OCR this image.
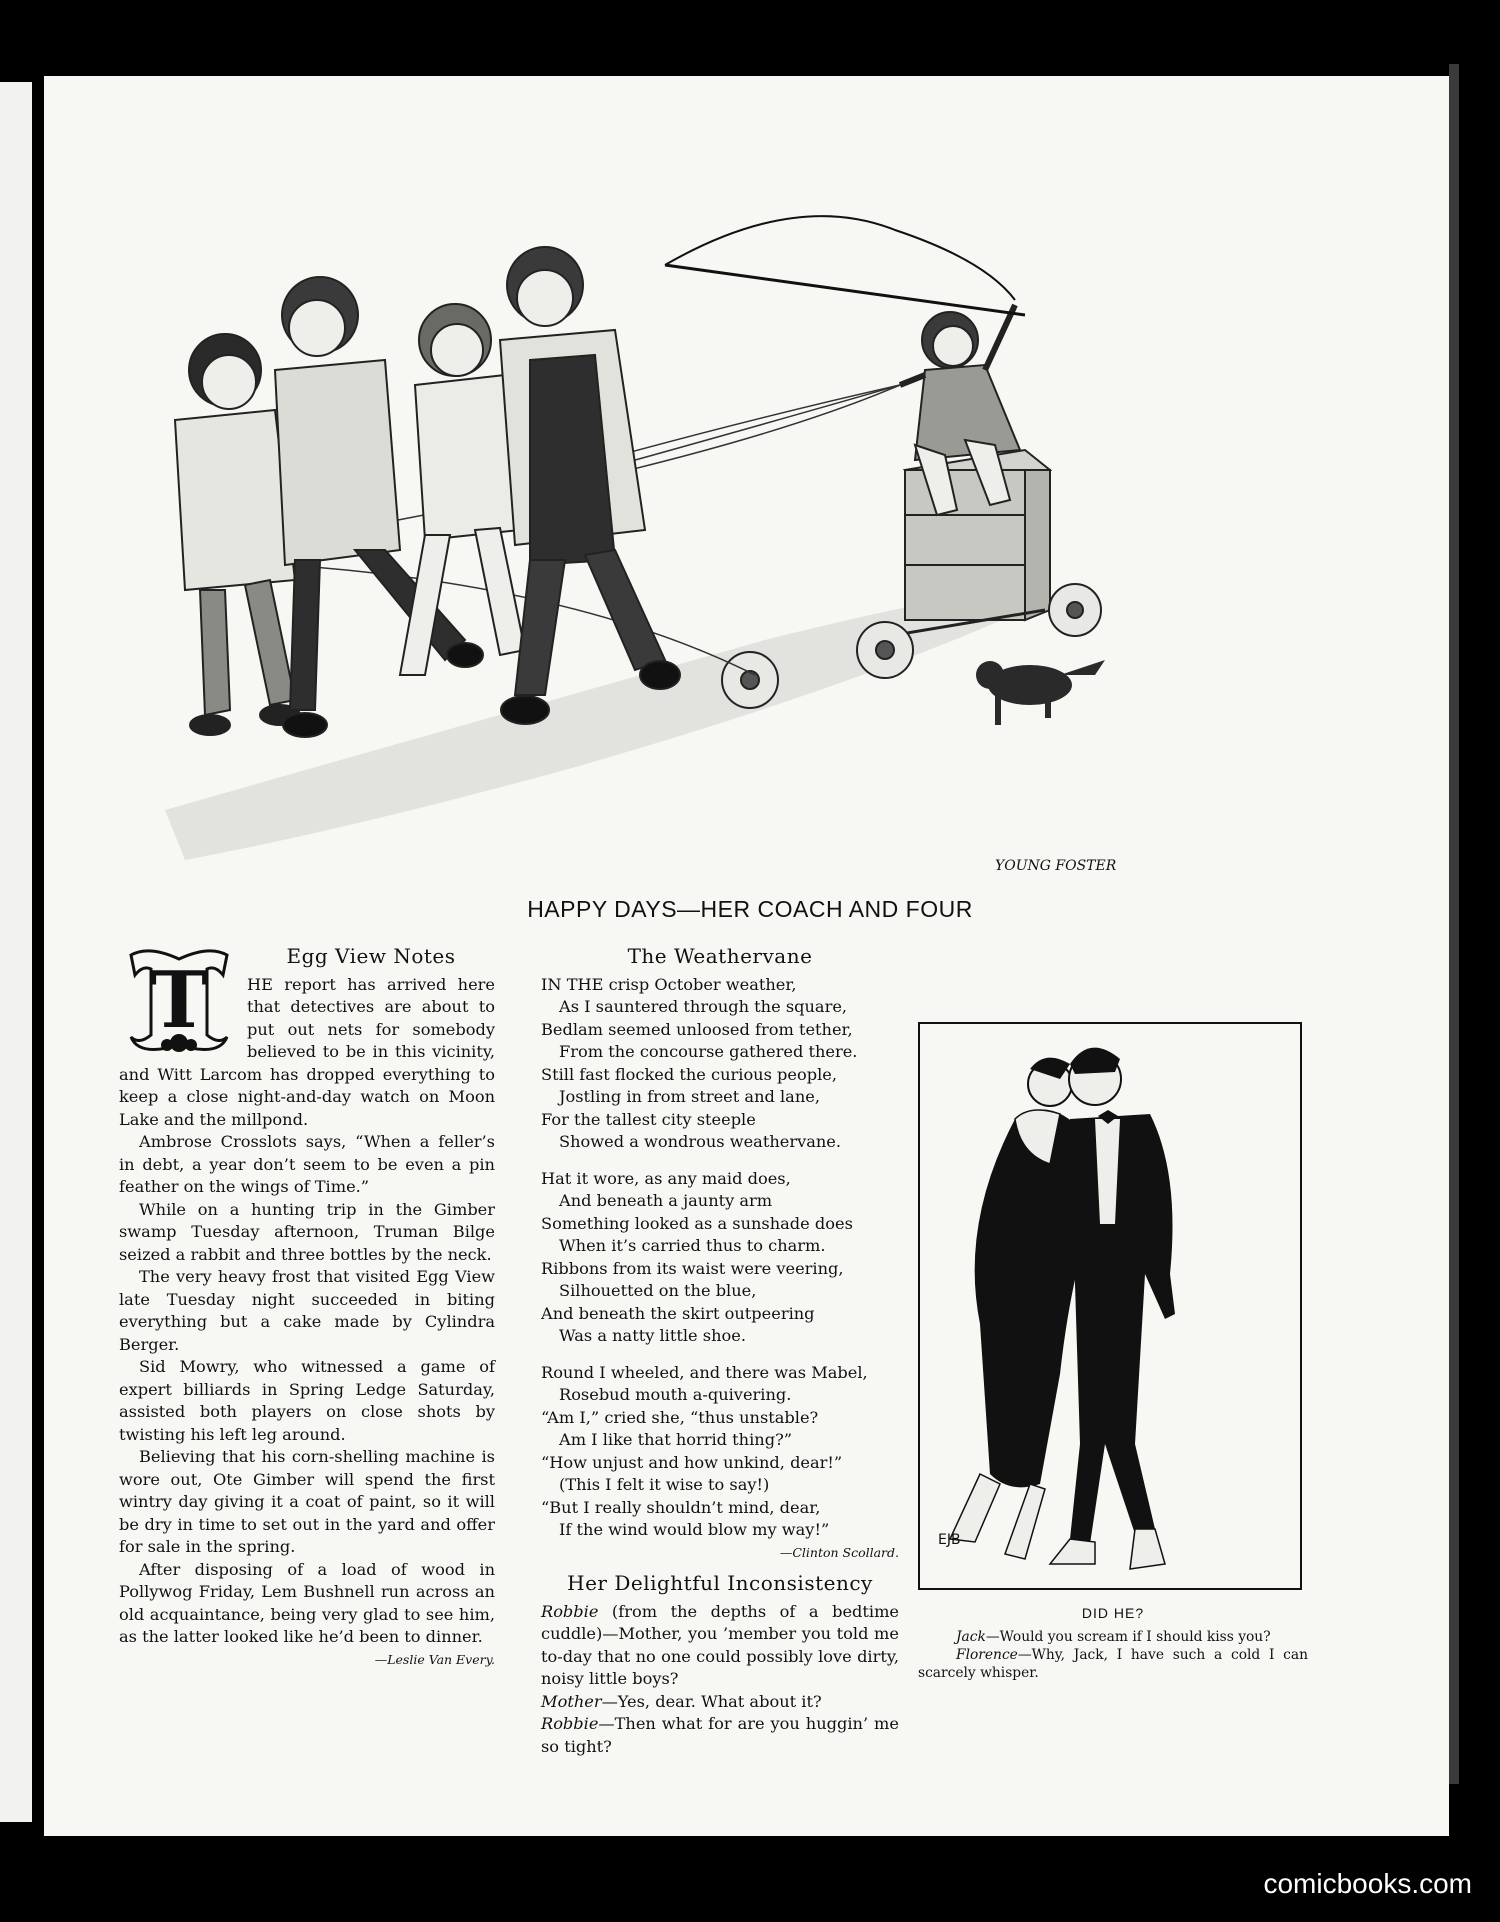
YOUNG FOSTER
HAPPY DAYS—HER COACH AND FOUR
T	Egg View Notes

HE report has arrived here that detectives are about to put out nets for somebody believed to be in this vicinity, and Witt Larcom has dropped everything to keep a close night-and-day watch on Moon Lake and the millpond.

Ambrose Crosslots says, “When a feller’s in debt, a year don’t seem to be even a pin feather on the wings of Time.”

While on a hunting trip in the Gimber swamp Tuesday afternoon, Truman Bilge seized a rabbit and three bottles by the neck.

The very heavy frost that visited Egg View late Tuesday night succeeded in biting everything but a cake made by Cylindra Berger.

Sid Mowry, who witnessed a game of expert billiards in Spring Ledge Saturday, assisted both players on close shots by twisting his left leg around.

Believing that his corn-shelling machine is wore out, Ote Gimber will spend the first wintry day giving it a coat of paint, so it will be dry in time to set out in the yard and offer for sale in the spring.

After disposing of a load of wood in Pollywog Friday, Lem Bushnell run across an old acquaintance, being very glad to see him, as the latter looked like he’d been to dinner.

—Leslie Van Every.
The Weathervane
IN THE crisp October weather,
As I sauntered through the square,
Bedlam seemed unloosed from tether,
From the concourse gathered there.
Still fast flocked the curious people,
Jostling in from street and lane,
For the tallest city steeple
Showed a wondrous weathervane.
Hat it wore, as any maid does,
And beneath a jaunty arm
Something looked as a sunshade does
When it’s carried thus to charm.
Ribbons from its waist were veering,
Silhouetted on the blue,
And beneath the skirt outpeering
Was a natty little shoe.
Round I wheeled, and there was Mabel,
Rosebud mouth a-quivering.
“Am I,” cried she, “thus unstable?
Am I like that horrid thing?”
“How unjust and how unkind, dear!”
(This I felt it wise to say!)
“But I really shouldn’t mind, dear,
If the wind would blow my way!”
—Clinton Scollard.
Her Delightful Inconsistency

Robbie (from the depths of a bedtime cuddle)—Mother, you ’member you told me to-day that no one could possibly love dirty, noisy little boys?

Mother—Yes, dear. What about it?

Robbie—Then what for are you huggin’ me so tight?

EJB
DID HE?

Jack—Would you scream if I should kiss you?

Florence—Why, Jack, I have such a cold I can scarcely whisper.

comicbooks.com
